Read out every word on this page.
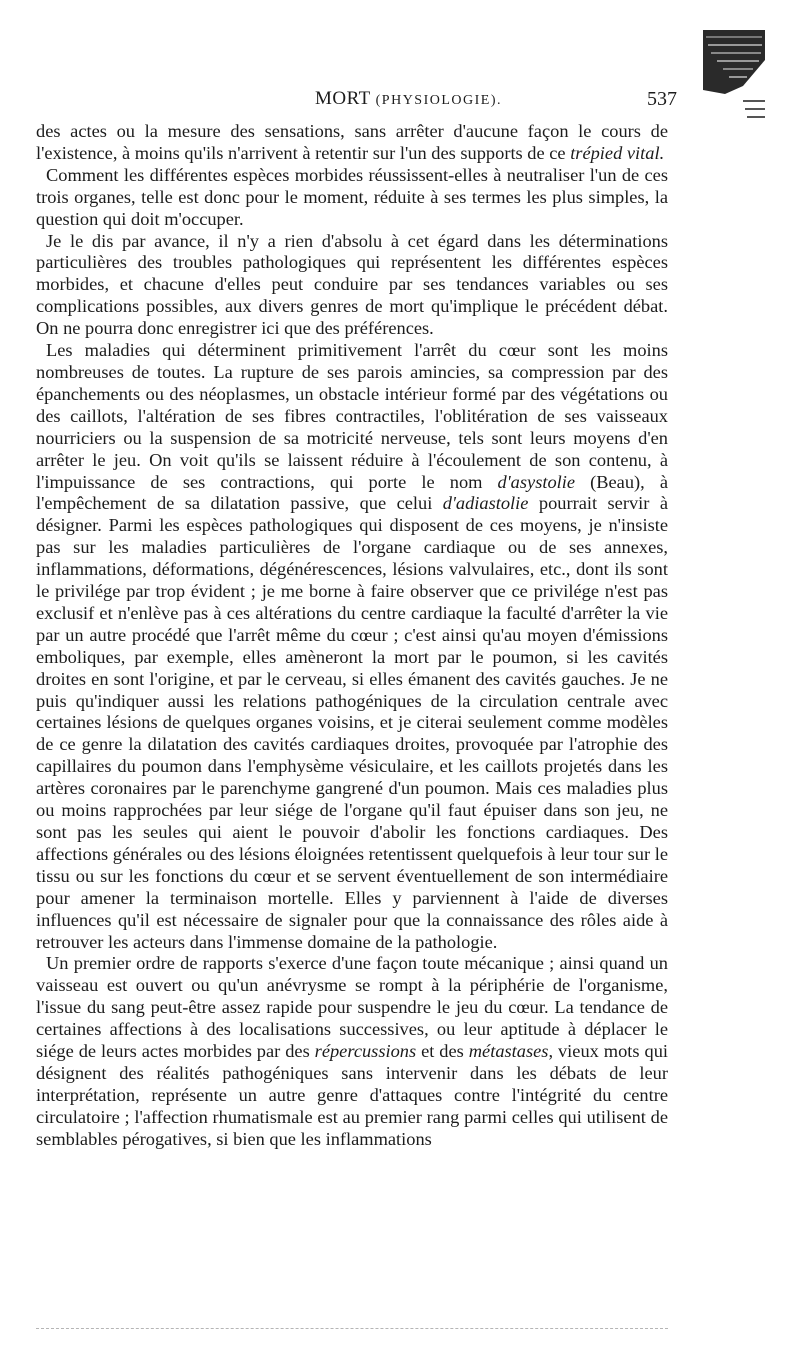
MORT (PHYSIOLOGIE).	537

des actes ou la mesure des sensations, sans arrêter d'aucune façon le cours de l'existence, à moins qu'ils n'arrivent à retentir sur l'un des supports de ce trépied vital.

Comment les différentes espèces morbides réussissent-elles à neutraliser l'un de ces trois organes, telle est donc pour le moment, réduite à ses termes les plus simples, la question qui doit m'occuper.

Je le dis par avance, il n'y a rien d'absolu à cet égard dans les déterminations particulières des troubles pathologiques qui représentent les différentes espèces morbides, et chacune d'elles peut conduire par ses tendances variables ou ses complications possibles, aux divers genres de mort qu'implique le précédent débat. On ne pourra donc enregistrer ici que des préférences.

Les maladies qui déterminent primitivement l'arrêt du cœur sont les moins nombreuses de toutes. La rupture de ses parois amincies, sa compression par des épanchements ou des néoplasmes, un obstacle intérieur formé par des végétations ou des caillots, l'altération de ses fibres contractiles, l'oblitération de ses vaisseaux nourriciers ou la suspension de sa motricité nerveuse, tels sont leurs moyens d'en arrêter le jeu. On voit qu'ils se laissent réduire à l'écoulement de son contenu, à l'impuissance de ses contractions, qui porte le nom d'asystolie (Beau), à l'empêchement de sa dilatation passive, que celui d'adiastolie pourrait servir à désigner. Parmi les espèces pathologiques qui disposent de ces moyens, je n'insiste pas sur les maladies particulières de l'organe cardiaque ou de ses annexes, inflammations, déformations, dégénérescences, lésions valvulaires, etc., dont ils sont le privilége par trop évident ; je me borne à faire observer que ce privilége n'est pas exclusif et n'enlève pas à ces altérations du centre cardiaque la faculté d'arrêter la vie par un autre procédé que l'arrêt même du cœur ; c'est ainsi qu'au moyen d'émissions emboliques, par exemple, elles amèneront la mort par le poumon, si les cavités droites en sont l'origine, et par le cerveau, si elles émanent des cavités gauches. Je ne puis qu'indiquer aussi les relations pathogéniques de la circulation centrale avec certaines lésions de quelques organes voisins, et je citerai seulement comme modèles de ce genre la dilatation des cavités cardiaques droites, provoquée par l'atrophie des capillaires du poumon dans l'emphysème vésiculaire, et les caillots projetés dans les artères coronaires par le parenchyme gangrené d'un poumon. Mais ces maladies plus ou moins rapprochées par leur siége de l'organe qu'il faut épuiser dans son jeu, ne sont pas les seules qui aient le pouvoir d'abolir les fonctions cardiaques. Des affections générales ou des lésions éloignées retentissent quelquefois à leur tour sur le tissu ou sur les fonctions du cœur et se servent éventuellement de son intermédiaire pour amener la terminaison mortelle. Elles y parviennent à l'aide de diverses influences qu'il est nécessaire de signaler pour que la connaissance des rôles aide à retrouver les acteurs dans l'immense domaine de la pathologie.

Un premier ordre de rapports s'exerce d'une façon toute mécanique ; ainsi quand un vaisseau est ouvert ou qu'un anévrysme se rompt à la périphérie de l'organisme, l'issue du sang peut-être assez rapide pour suspendre le jeu du cœur. La tendance de certaines affections à des localisations successives, ou leur aptitude à déplacer le siége de leurs actes morbides par des répercussions et des métastases, vieux mots qui désignent des réalités pathogéniques sans intervenir dans les débats de leur interprétation, représente un autre genre d'attaques contre l'intégrité du centre circulatoire ; l'affection rhumatismale est au premier rang parmi celles qui utilisent de semblables pérogatives, si bien que les inflammations
